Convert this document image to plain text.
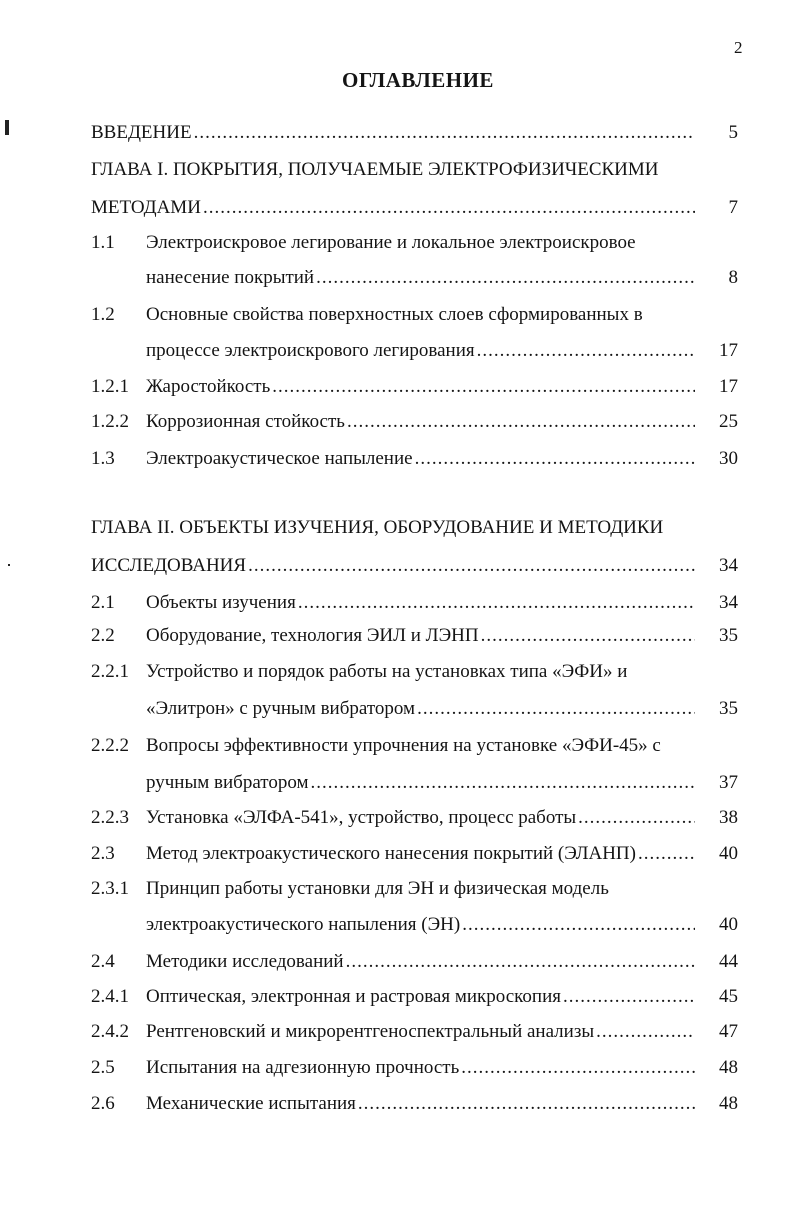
2
ОГЛАВЛЕНИЕ
ВВЕДЕНИЕ .....	5
ГЛАВА I. ПОКРЫТИЯ, ПОЛУЧАЕМЫЕ ЭЛЕКТРОФИЗИЧЕСКИМИ
МЕТОДАМИ .....	7
1.1 Электроискровое легирование и локальное электроискровое
нанесение покрытий .....	8
1.2 Основные свойства поверхностных слоев сформированных в
процессе электроискрового легирования .....	17
1.2.1 Жаростойкость .....	17
1.2.2 Коррозионная стойкость .....	25
1.3 Электроакустическое напыление .....	30
ГЛАВА II. ОБЪЕКТЫ ИЗУЧЕНИЯ, ОБОРУДОВАНИЕ И МЕТОДИКИ
ИССЛЕДОВАНИЯ .....	34
2.1 Объекты изучения .....	34
2.2 Оборудование, технология ЭИЛ и ЛЭНП .....	35
2.2.1 Устройство и порядок работы на установках типа «ЭФИ» и
«Элитрон» с ручным вибратором .....	35
2.2.2 Вопросы эффективности упрочнения на установке «ЭФИ-45» с
ручным вибратором .....	37
2.2.3 Установка «ЭЛФА-541», устройство, процесс работы .....	38
2.3 Метод электроакустического нанесения покрытий (ЭЛАНП) .....	40
2.3.1 Принцип работы установки для ЭН и физическая модель
электроакустического напыления (ЭН) .....	40
2.4 Методики исследований .....	44
2.4.1 Оптическая, электронная и растровая микроскопия .....	45
2.4.2 Рентгеновский и микрорентгеноспектральный анализы .....	47
2.5 Испытания на адгезионную прочность .....	48
2.6 Механические испытания .....	48
